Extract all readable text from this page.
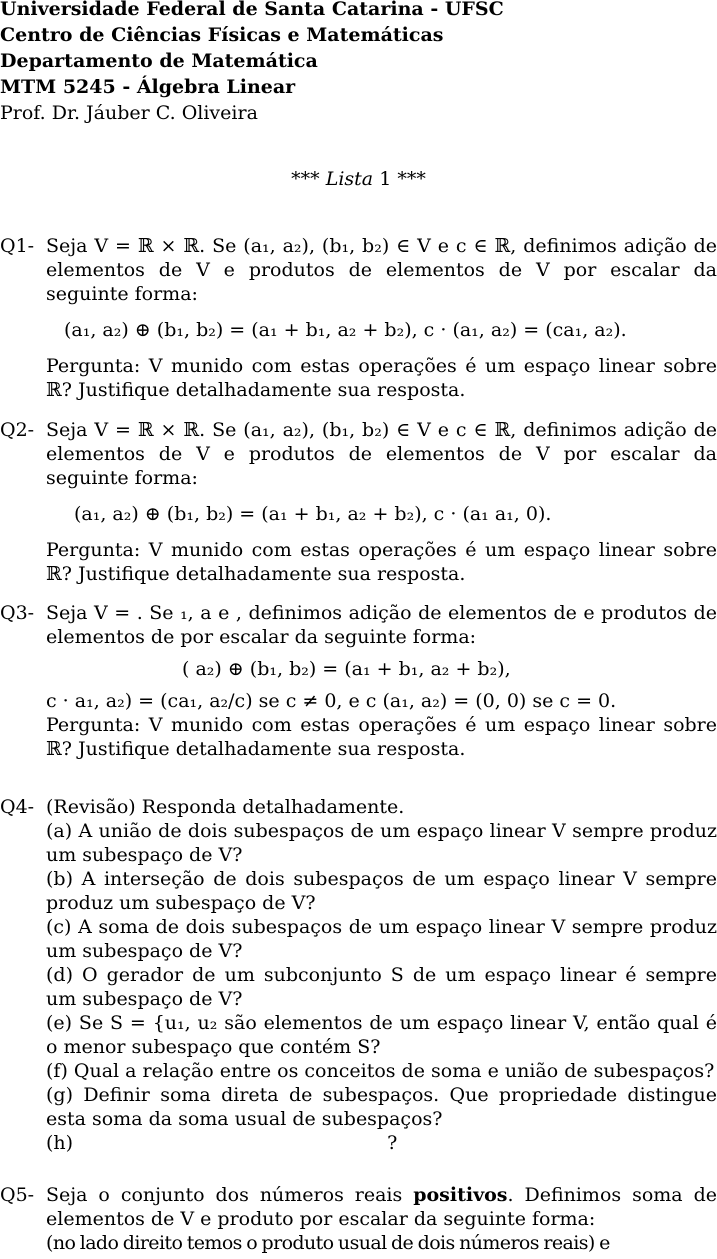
Universidade Federal de Santa Catarina - UFSC
Centro de Ciências Físicas e Matemáticas
Departamento de Matemática
MTM 5245 - Álgebra Linear
Prof. Dr. Jáuber C. Oliveira
*** Lista 1 ***
Q1- Seja V = ℝ × ℝ. Se (a₁, a₂), (b₁, b₂) ∈ V e c ∈ ℝ, definimos adição de elementos de V e produtos de elementos de V por escalar da seguinte forma:

(a₁, a₂) ⊕ (b₁, b₂) = (a₁ + b₁, a₂ + b₂), c · (a₁, a₂) = (ca₁, a₂).

Pergunta: V munido com estas operações é um espaço linear sobre ℝ? Justifique detalhadamente sua resposta.

Q2- Seja V = ℝ × ℝ. Se (a₁, a₂), (b₁, b₂) ∈ V e c ∈ ℝ, definimos adição de elementos de V e produtos de elementos de V por escalar da seguinte forma:

(a₁, a₂) ⊕ (b₁, b₂) = (a₁ + b₁, a₂ + b₂), c · (a₁ a₁, 0).

Pergunta: V munido com estas operações é um espaço linear sobre ℝ? Justifique detalhadamente sua resposta.

Q3- Seja V = . Se ₁, a e , definimos adição de elementos de e produtos de elementos de por escalar da seguinte forma:

( a₂) ⊕ (b₁, b₂) = (a₁ + b₁, a₂ + b₂),

c · a₁, a₂) = (ca₁, a₂/c) se c ≠ 0, e c (a₁, a₂) = (0, 0) se c = 0.

Pergunta: V munido com estas operações é um espaço linear sobre ℝ? Justifique detalhadamente sua resposta.

Q4- (Revisão) Responda detalhadamente.

(a) A união de dois subespaços de um espaço linear V sempre produz um subespaço de V?

(b) A interseção de dois subespaços de um espaço linear V sempre produz um subespaço de V?

(c) A soma de dois subespaços de um espaço linear V sempre produz um subespaço de V?

(d) O gerador de um subconjunto S de um espaço linear é sempre um subespaço de V?

(e) Se S = {u₁, u₂ são elementos de um espaço linear V, então qual é o menor subespaço que contém S?

(f) Qual a relação entre os conceitos de soma e união de subespaços?

(g) Definir soma direta de subespaços. Que propriedade distingue esta soma da soma usual de subespaços?

(h)                                                    ?

Q5- Seja o conjunto dos números reais positivos. Definimos soma de elementos de V e produto por escalar da seguinte forma:

(no lado direito temos o produto usual de dois números reais) e
